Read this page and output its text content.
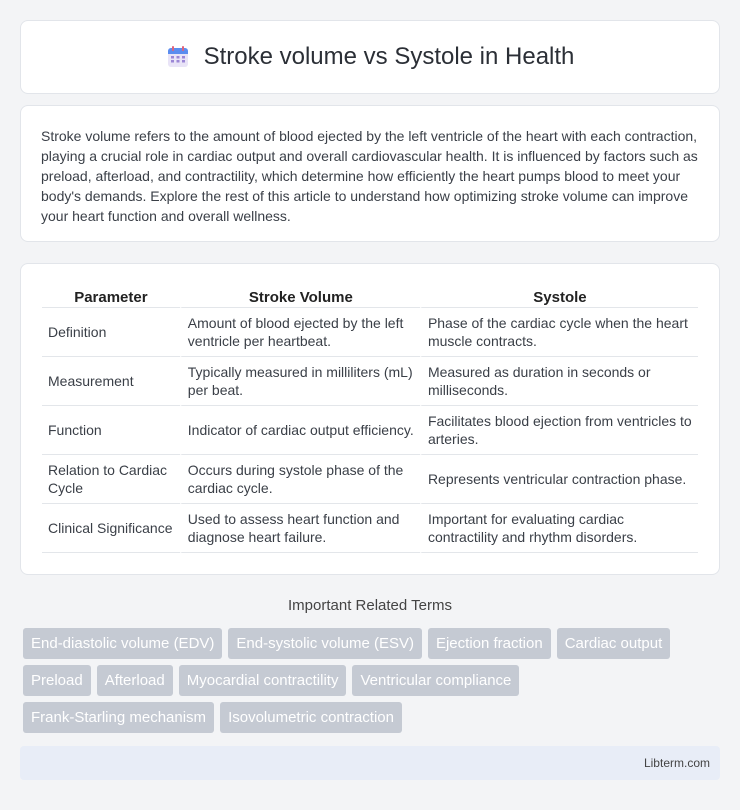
Stroke volume vs Systole in Health

Stroke volume refers to the amount of blood ejected by the left ventricle of the heart with each contraction, playing a crucial role in cardiac output and overall cardiovascular health. It is influenced by factors such as preload, afterload, and contractility, which determine how efficiently the heart pumps blood to meet your body's demands. Explore the rest of this article to understand how optimizing stroke volume can improve your heart function and overall wellness.

Parameter	Stroke Volume	Systole
Definition	Amount of blood ejected by the left ventricle per heartbeat.	Phase of the cardiac cycle when the heart muscle contracts.
Measurement	Typically measured in milliliters (mL) per beat.	Measured as duration in seconds or milliseconds.
Function	Indicator of cardiac output efficiency.	Facilitates blood ejection from ventricles to arteries.
Relation to Cardiac Cycle	Occurs during systole phase of the cardiac cycle.	Represents ventricular contraction phase.
Clinical Significance	Used to assess heart function and diagnose heart failure.	Important for evaluating cardiac contractility and rhythm disorders.
Important Related Terms
End-diastolic volume (EDV)	End-systolic volume (ESV)	Ejection fraction	Cardiac output
Preload	Afterload	Myocardial contractility	Ventricular compliance
Frank-Starling mechanism	Isovolumetric contraction
Libterm.com
